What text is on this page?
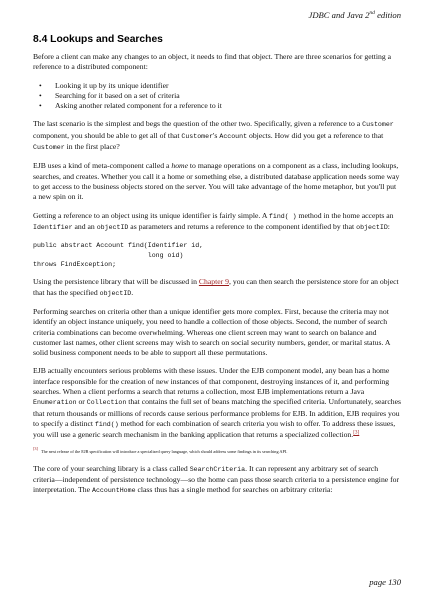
JDBC and Java 2nd edition
8.4 Lookups and Searches

Before a client can make any changes to an object, it needs to find that object. There are three scenarios for getting a reference to a distributed component:

• Looking it up by its unique identifier
• Searching for it based on a set of criteria
• Asking another related component for a reference to it

The last scenario is the simplest and begs the question of the other two. Specifically, given a reference to a Customer component, you should be able to get all of that Customer's Account objects. How did you get a reference to that Customer in the first place?

EJB uses a kind of meta-component called a home to manage operations on a component as a class, including lookups, searches, and creates. Whether you call it a home or something else, a distributed database application needs some way to get access to the business objects stored on the server. You will take advantage of the home metaphor, but you'll put a new spin on it.

Getting a reference to an object using its unique identifier is fairly simple. A find( ) method in the home accepts an Identifier and an objectID as parameters and returns a reference to the component identified by that objectID:

public abstract Account find(Identifier id,
long oid)
throws FindException;

Using the persistence library that will be discussed in Chapter 9, you can then search the persistence store for an object that has the specified objectID.

Performing searches on criteria other than a unique identifier gets more complex. First, because the criteria may not identify an object instance uniquely, you need to handle a collection of those objects. Second, the number of search criteria combinations can become overwhelming. Whereas one client screen may want to search on balance and customer last names, other client screens may wish to search on social security numbers, gender, or marital status. A solid business component needs to be able to support all these permutations.

EJB actually encounters serious problems with these issues. Under the EJB component model, any bean has a home interface responsible for the creation of new instances of that component, destroying instances of it, and performing searches. When a client performs a search that returns a collection, most EJB implementations return a Java Enumeration or Collection that contains the full set of beans matching the specified criteria. Unfortunately, searches that return thousands or millions of records cause serious performance problems for EJB. In addition, EJB requires you to specify a distinct find() method for each combination of search criteria you wish to offer. To address these issues, you will use a generic search mechanism in the banking application that returns a specialized collection.[3]

[3] The next release of the EJB specification will introduce a specialized query language, which should address some findings in its searching API.

The core of your searching library is a class called SearchCriteria. It can represent any arbitrary set of search criteria—independent of persistence technology—so the home can pass those search criteria to a persistence engine for interpretation. The AccountHome class thus has a single method for searches on arbitrary criteria:

page 130
